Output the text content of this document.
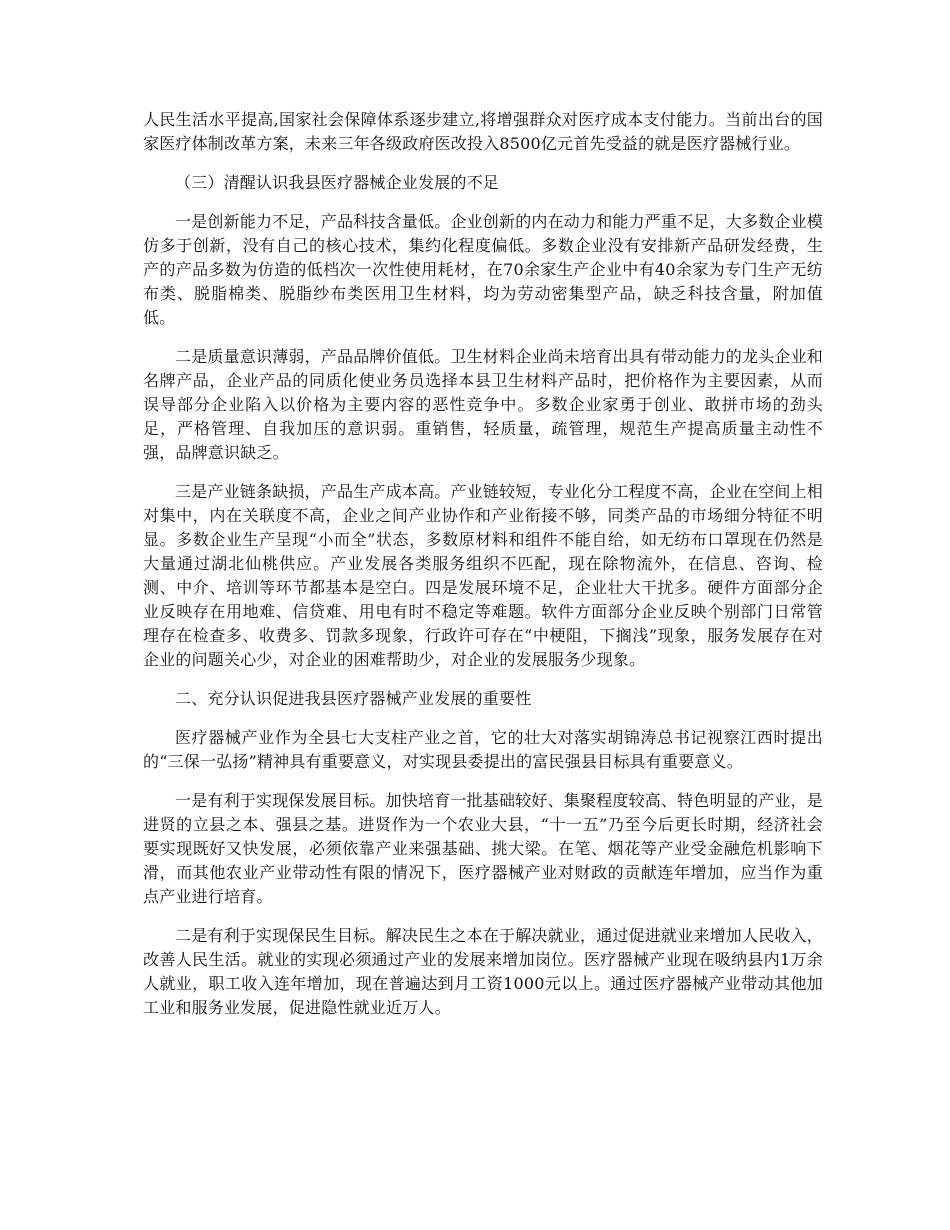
人民生活水平提高,国家社会保障体系逐步建立,将增强群众对医疗成本支付能力。当前出台的国家医疗体制改革方案，未来三年各级政府医改投入8500亿元首先受益的就是医疗器械行业。

（三）清醒认识我县医疗器械企业发展的不足

一是创新能力不足，产品科技含量低。企业创新的内在动力和能力严重不足，大多数企业模仿多于创新，没有自己的核心技术，集约化程度偏低。多数企业没有安排新产品研发经费，生产的产品多数为仿造的低档次一次性使用耗材，在70余家生产企业中有40余家为专门生产无纺布类、脱脂棉类、脱脂纱布类医用卫生材料，均为劳动密集型产品，缺乏科技含量，附加值低。

二是质量意识薄弱，产品品牌价值低。卫生材料企业尚未培育出具有带动能力的龙头企业和名牌产品，企业产品的同质化使业务员选择本县卫生材料产品时，把价格作为主要因素，从而误导部分企业陷入以价格为主要内容的恶性竞争中。多数企业家勇于创业、敢拼市场的劲头足，严格管理、自我加压的意识弱。重销售，轻质量，疏管理，规范生产提高质量主动性不强，品牌意识缺乏。

三是产业链条缺损，产品生产成本高。产业链较短，专业化分工程度不高，企业在空间上相对集中，内在关联度不高，企业之间产业协作和产业衔接不够，同类产品的市场细分特征不明显。多数企业生产呈现“小而全”状态，多数原材料和组件不能自给，如无纺布口罩现在仍然是大量通过湖北仙桃供应。产业发展各类服务组织不匹配，现在除物流外，在信息、咨询、检测、中介、培训等环节都基本是空白。四是发展环境不足，企业壮大干扰多。硬件方面部分企业反映存在用地难、信贷难、用电有时不稳定等难题。软件方面部分企业反映个别部门日常管理存在检查多、收费多、罚款多现象，行政许可存在“中梗阻，下搁浅”现象，服务发展存在对企业的问题关心少，对企业的困难帮助少，对企业的发展服务少现象。

二、充分认识促进我县医疗器械产业发展的重要性

医疗器械产业作为全县七大支柱产业之首，它的壮大对落实胡锦涛总书记视察江西时提出的“三保一弘扬”精神具有重要意义，对实现县委提出的富民强县目标具有重要意义。

一是有利于实现保发展目标。加快培育一批基础较好、集聚程度较高、特色明显的产业，是进贤的立县之本、强县之基。进贤作为一个农业大县，“十一五”乃至今后更长时期，经济社会要实现既好又快发展，必须依靠产业来强基础、挑大梁。在笔、烟花等产业受金融危机影响下滑，而其他农业产业带动性有限的情况下，医疗器械产业对财政的贡献连年增加，应当作为重点产业进行培育。

二是有利于实现保民生目标。解决民生之本在于解决就业，通过促进就业来增加人民收入，改善人民生活。就业的实现必须通过产业的发展来增加岗位。医疗器械产业现在吸纳县内1万余人就业，职工收入连年增加，现在普遍达到月工资1000元以上。通过医疗器械产业带动其他加工业和服务业发展，促进隐性就业近万人。
